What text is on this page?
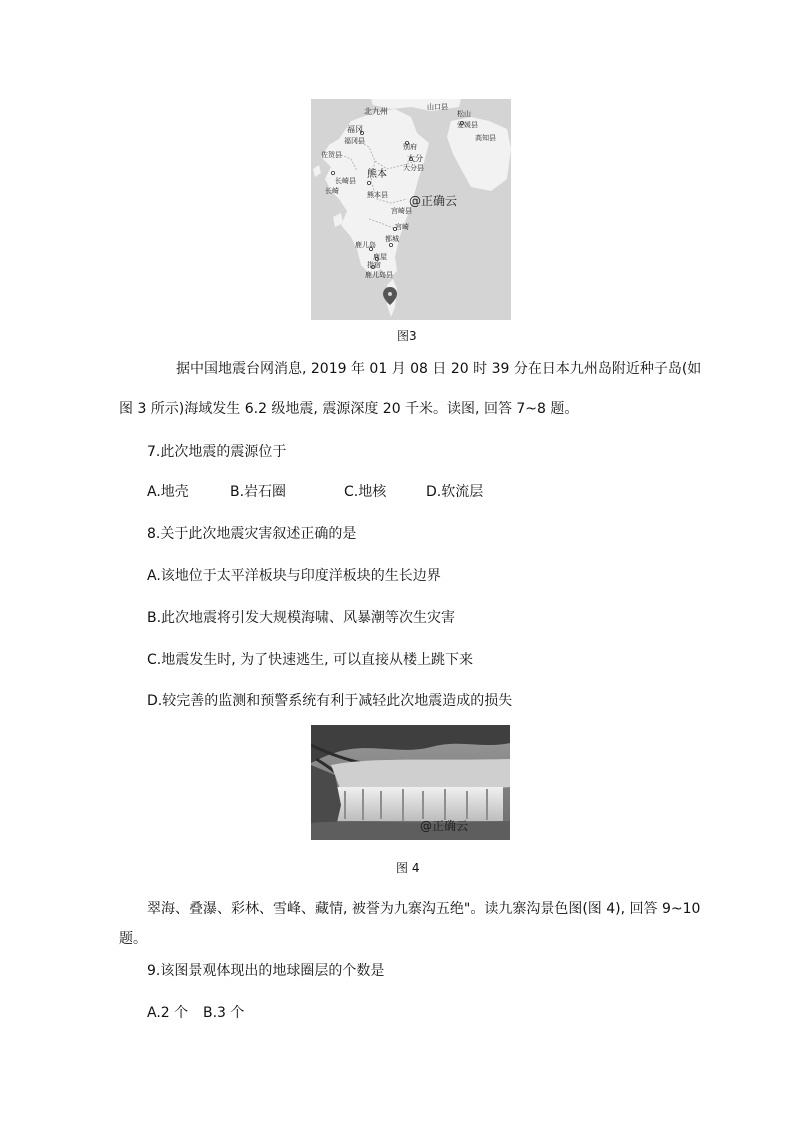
北九州	山口县
松山
爱媛县
高知县
福冈
福冈县
佐贺县
别府
大分
大分县
长崎县
长崎
熊本
熊本县
宫崎县
宫崎
都城
鹿儿岛
鹿屋
指宿
鹿儿岛县
@正确云
图3
据中国地震台网消息, 2019 年 01 月 08 日 20 时 39 分在日本九州岛附近种子岛(如
图 3 所示)海域发生 6.2 级地震, 震源深度 20 千米。读图, 回答 7~8 题。
7.此次地震的震源位于
A.地壳	B.岩石圈	C.地核	D.软流层
8.关于此次地震灾害叙述正确的是
A.该地位于太平洋板块与印度洋板块的生长边界
B.此次地震将引发大规模海啸、风暴潮等次生灾害
C.地震发生时, 为了快速逃生, 可以直接从楼上跳下来
D.较完善的监测和预警系统有利于减轻此次地震造成的损失
@正确云
图 4
翠海、叠瀑、彩林、雪峰、藏情, 被誉为九寨沟五绝"。读九寨沟景色图(图 4), 回答 9~10
题。
9.该图景观体现出的地球圈层的个数是
A.2 个 B.3 个
